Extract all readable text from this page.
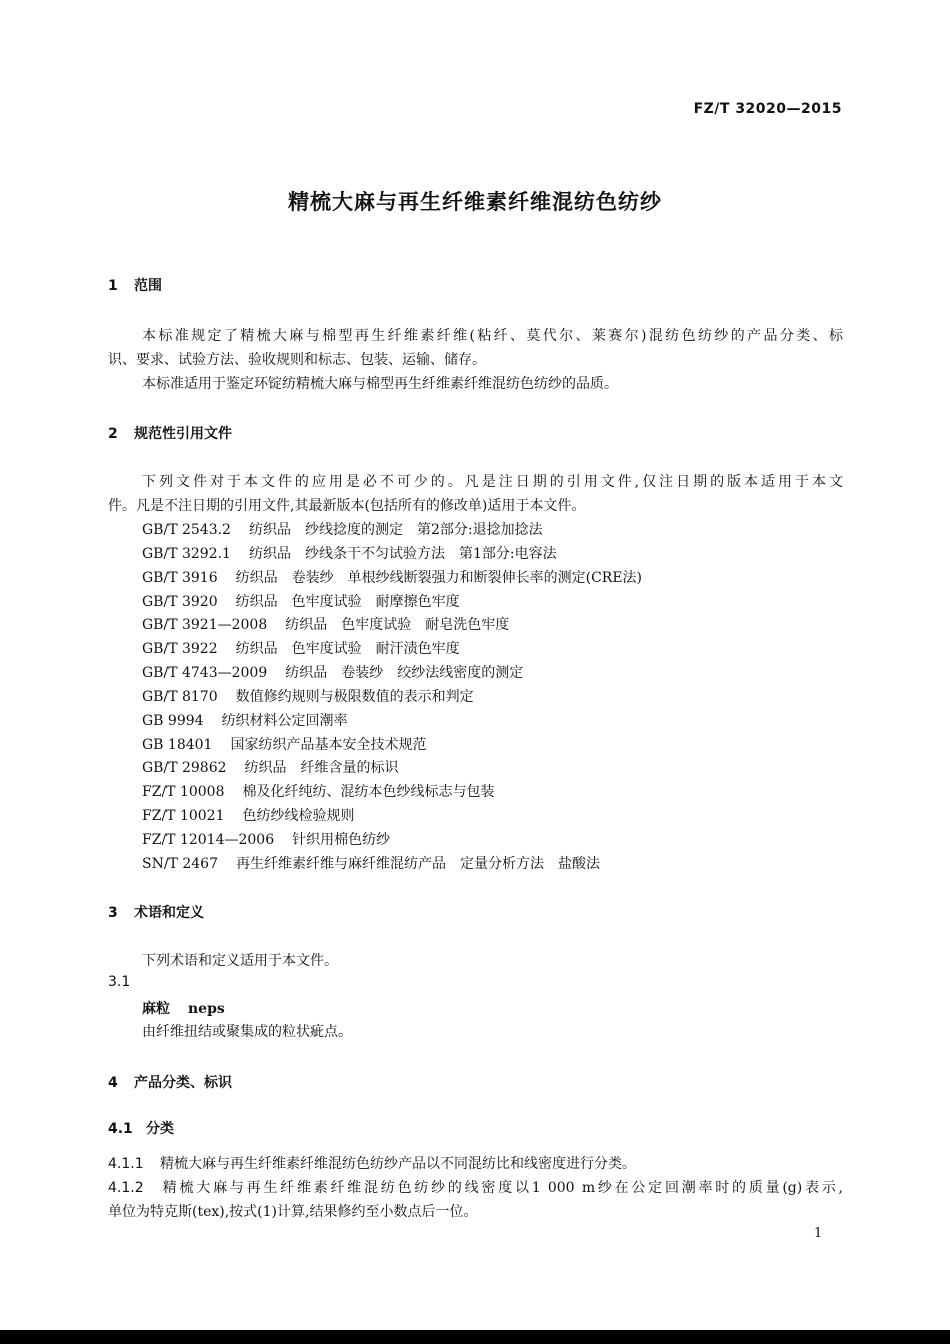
FZ/T 32020—2015
精梳大麻与再生纤维素纤维混纺色纺纱
1 范围
本标准规定了精梳大麻与棉型再生纤维素纤维(粘纤、莫代尔、莱赛尔)混纺色纺纱的产品分类、标
识、要求、试验方法、验收规则和标志、包装、运输、储存。
本标准适用于鉴定环锭纺精梳大麻与棉型再生纤维素纤维混纺色纺纱的品质。
2 规范性引用文件
下列文件对于本文件的应用是必不可少的。凡是注日期的引用文件,仅注日期的版本适用于本文
件。凡是不注日期的引用文件,其最新版本(包括所有的修改单)适用于本文件。
GB/T 2543.2 纺织品　纱线捻度的测定　第2部分:退捻加捻法
GB/T 3292.1 纺织品　纱线条干不匀试验方法　第1部分:电容法
GB/T 3916 纺织品　卷装纱　单根纱线断裂强力和断裂伸长率的测定(CRE法)
GB/T 3920 纺织品　色牢度试验　耐摩擦色牢度
GB/T 3921—2008 纺织品　色牢度试验　耐皂洗色牢度
GB/T 3922 纺织品　色牢度试验　耐汗渍色牢度
GB/T 4743—2009 纺织品　卷装纱　绞纱法线密度的测定
GB/T 8170 数值修约规则与极限数值的表示和判定
GB 9994 纺织材料公定回潮率
GB 18401 国家纺织产品基本安全技术规范
GB/T 29862 纺织品　纤维含量的标识
FZ/T 10008 棉及化纤纯纺、混纺本色纱线标志与包装
FZ/T 10021 色纺纱线检验规则
FZ/T 12014—2006 针织用棉色纺纱
SN/T 2467 再生纤维素纤维与麻纤维混纺产品　定量分析方法　盐酸法
3 术语和定义
下列术语和定义适用于本文件。
3.1
麻粒 neps
由纤维扭结或聚集成的粒状疵点。
4 产品分类、标识
4.1 分类
4.1.1 精梳大麻与再生纤维素纤维混纺色纺纱产品以不同混纺比和线密度进行分类。
4.1.2 精梳大麻与再生纤维素纤维混纺色纺纱的线密度以1 000 m纱在公定回潮率时的质量(g)表示,
单位为特克斯(tex),按式(1)计算,结果修约至小数点后一位。
1
